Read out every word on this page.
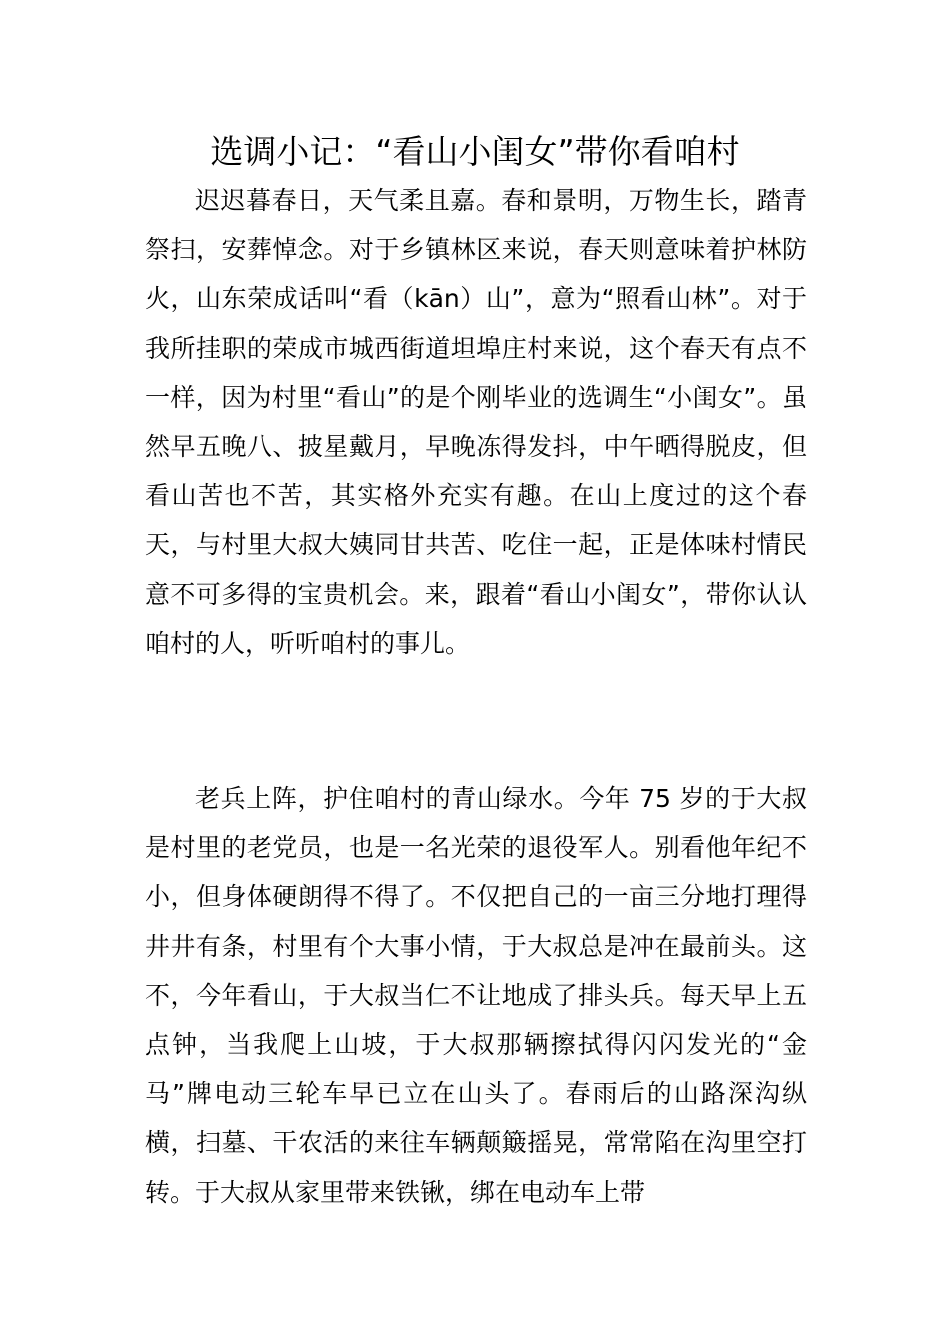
选调小记：“看山小闺女”带你看咱村

迟迟暮春日，天气柔且嘉。春和景明，万物生长，踏青祭扫，安葬悼念。对于乡镇林区来说，春天则意味着护林防火，山东荣成话叫“看（kān）山”，意为“照看山林”。对于我所挂职的荣成市城西街道坦埠庄村来说，这个春天有点不一样，因为村里“看山”的是个刚毕业的选调生“小闺女”。虽然早五晚八、披星戴月，早晚冻得发抖，中午晒得脱皮，但看山苦也不苦，其实格外充实有趣。在山上度过的这个春天，与村里大叔大姨同甘共苦、吃住一起，正是体味村情民意不可多得的宝贵机会。来，跟着“看山小闺女”，带你认认咱村的人，听听咱村的事儿。

老兵上阵，护住咱村的青山绿水。今年 75 岁的于大叔是村里的老党员，也是一名光荣的退役军人。别看他年纪不小，但身体硬朗得不得了。不仅把自己的一亩三分地打理得井井有条，村里有个大事小情，于大叔总是冲在最前头。这不，今年看山，于大叔当仁不让地成了排头兵。每天早上五点钟，当我爬上山坡，于大叔那辆擦拭得闪闪发光的“金马”牌电动三轮车早已立在山头了。春雨后的山路深沟纵横，扫墓、干农活的来往车辆颠簸摇晃，常常陷在沟里空打转。于大叔从家里带来铁锹，绑在电动车上带
